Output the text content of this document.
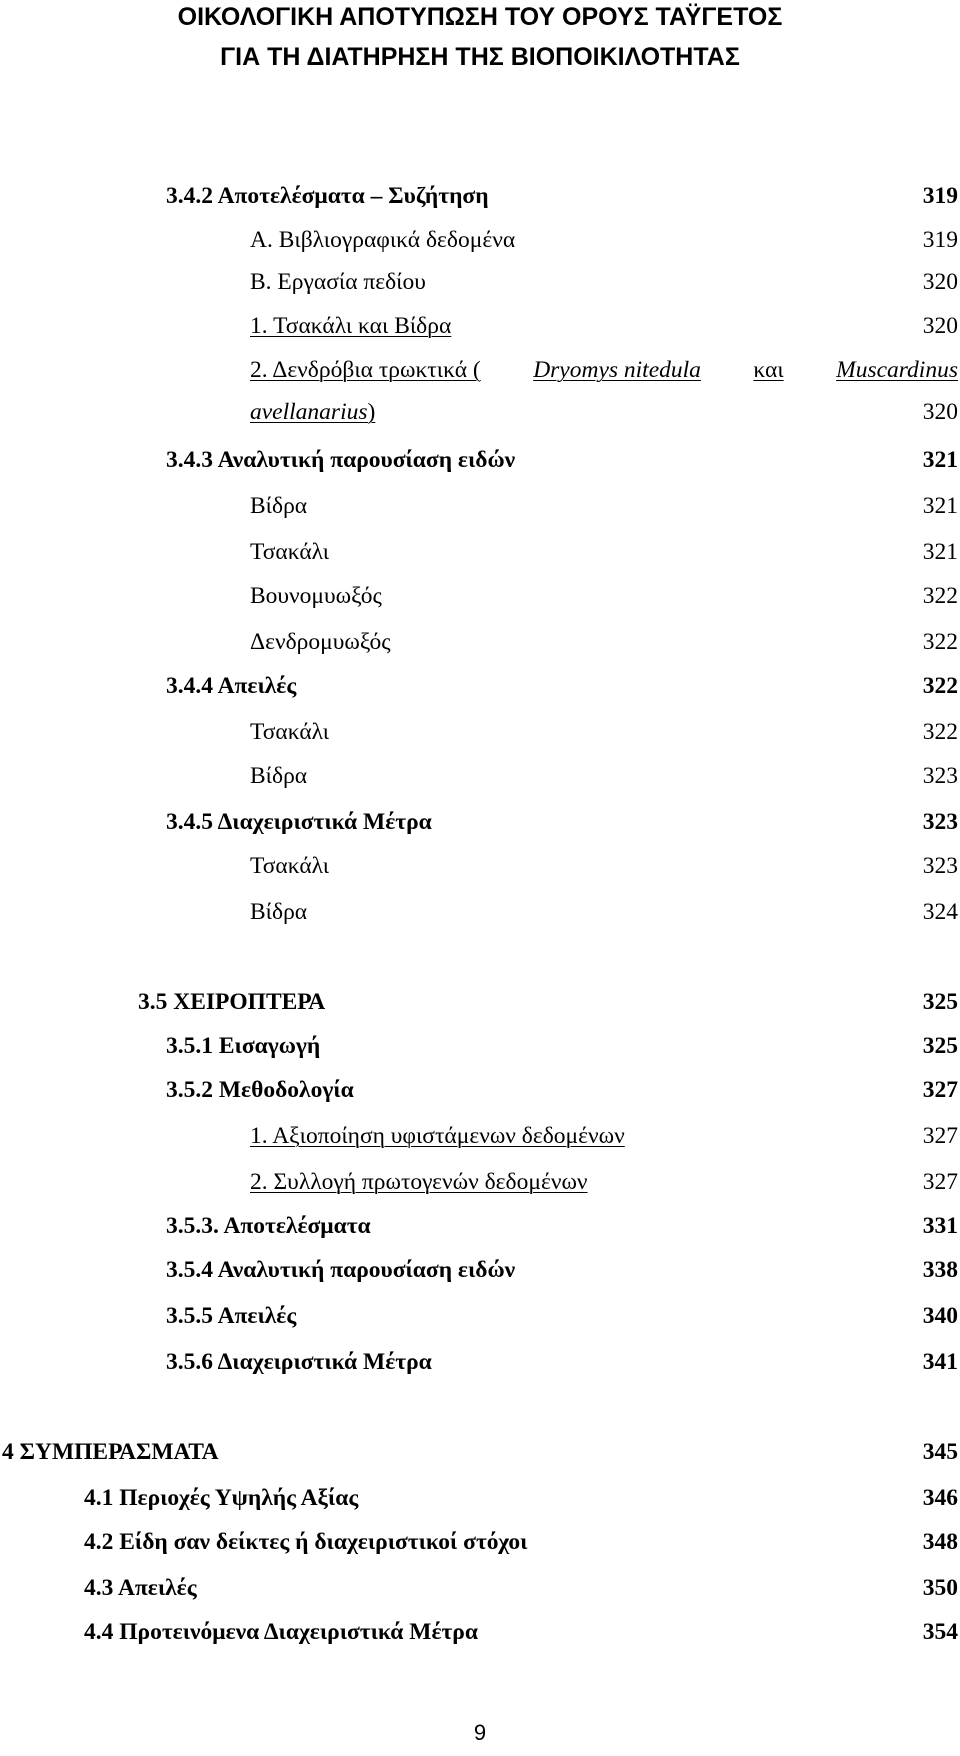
ΟΙΚΟΛΟΓΙΚΗ ΑΠΟΤΥΠΩΣΗ ΤΟΥ ΟΡΟΥΣ ΤΑΫΓΕΤΟΣ
ΓΙΑ ΤΗ ΔΙΑΤΗΡΗΣΗ ΤΗΣ ΒΙΟΠΟΙΚΙΛΟΤΗΤΑΣ
3.4.2 Αποτελέσματα – Συζήτηση	319
Α. Βιβλιογραφικά δεδομένα	319
Β. Εργασία πεδίου	320
1. Τσακάλι και Βίδρα	320
2. Δενδρόβια τρωκτικά ( Dryomys nitedula και Muscardinus
avellanarius)	320
3.4.3 Αναλυτική παρουσίαση ειδών	321
Βίδρα	321
Τσακάλι	321
Βουνομυωξός	322
Δενδρομυωξός	322
3.4.4 Απειλές	322
Τσακάλι	322
Βίδρα	323
3.4.5 Διαχειριστικά Μέτρα	323
Τσακάλι	323
Βίδρα	324
3.5 ΧΕΙΡΟΠΤΕΡΑ	325
3.5.1 Εισαγωγή	325
3.5.2 Μεθοδολογία	327
1. Αξιοποίηση υφιστάμενων δεδομένων	327
2. Συλλογή πρωτογενών δεδομένων	327
3.5.3. Αποτελέσματα	331
3.5.4 Αναλυτική παρουσίαση ειδών	338
3.5.5 Απειλές	340
3.5.6 Διαχειριστικά Μέτρα	341
4 ΣΥΜΠΕΡΑΣΜΑΤΑ	345
4.1 Περιοχές Υψηλής Αξίας	346
4.2 Είδη σαν δείκτες ή διαχειριστικοί στόχοι	348
4.3 Απειλές	350
4.4 Προτεινόμενα Διαχειριστικά Μέτρα	354
9
